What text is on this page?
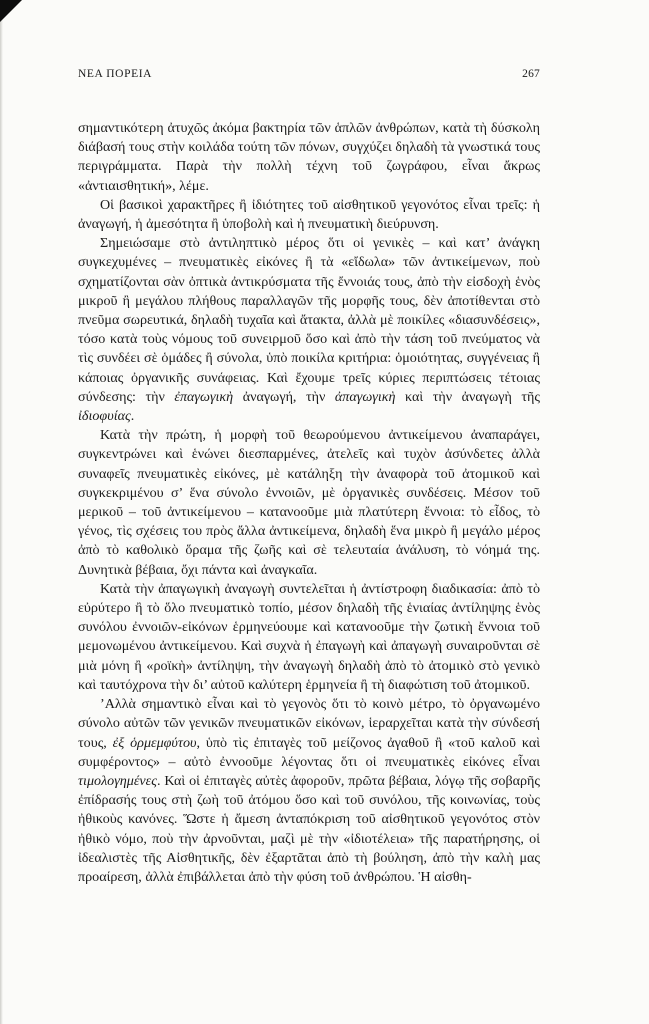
ΝΕΑ ΠΟΡΕΙΑ	267

σημαντικότερη ἀτυχῶς ἀκόμα βακτηρία τῶν ἁπλῶν ἀνθρώπων, κατὰ τὴ δύσκολη διάβασή τους στὴν κοιλάδα τούτη τῶν πόνων, συγχύζει δηλαδὴ τὰ γνωστικά τους περιγράμματα. Παρὰ τὴν πολλὴ τέχνη τοῦ ζωγράφου, εἶναι ἄκρως «ἀντιαισθητική», λέμε.

Οἱ βασικοὶ χαρακτῆρες ἢ ἰδιότητες τοῦ αἰσθητικοῦ γεγονότος εἶναι τρεῖς: ἡ ἀναγωγή, ἡ ἀμεσότητα ἢ ὑποβολὴ καὶ ἡ πνευματικὴ διεύρυνση.

Σημειώσαμε στὸ ἀντιληπτικὸ μέρος ὅτι οἱ γενικὲς – καὶ κατ’ ἀνάγκη συγκεχυμένες – πνευματικὲς εἰκόνες ἢ τὰ «εἴδωλα» τῶν ἀντικείμενων, ποὺ σχηματίζονται σὰν ὀπτικὰ ἀντικρύσματα τῆς ἔννοιάς τους, ἀπὸ τὴν εἰσδοχὴ ἑνὸς μικροῦ ἢ μεγάλου πλήθους παραλλαγῶν τῆς μορφῆς τους, δὲν ἀποτίθενται στὸ πνεῦμα σωρευτικά, δηλαδὴ τυχαῖα καὶ ἄτακτα, ἀλλὰ μὲ ποικίλες «διασυνδέσεις», τόσο κατὰ τοὺς νόμους τοῦ συνειρμοῦ ὅσο καὶ ἀπὸ τὴν τάση τοῦ πνεύματος νὰ τὶς συνδέει σὲ ὁμάδες ἢ σύνολα, ὑπὸ ποικίλα κριτήρια: ὁμοιότητας, συγγένειας ἢ κάποιας ὀργανικῆς συνάφειας. Καὶ ἔχουμε τρεῖς κύριες περιπτώσεις τέτοιας σύνδεσης: τὴν ἐπαγωγικὴ ἀναγωγή, τὴν ἀπαγωγικὴ καὶ τὴν ἀναγωγὴ τῆς ἰδιοφυίας.

Κατὰ τὴν πρώτη, ἡ μορφὴ τοῦ θεωρούμενου ἀντικείμενου ἀναπαράγει, συγκεντρώνει καὶ ἑνώνει διεσπαρμένες, ἀτελεῖς καὶ τυχὸν ἀσύνδετες ἀλλὰ συναφεῖς πνευματικὲς εἰκόνες, μὲ κατάληξη τὴν ἀναφορὰ τοῦ ἀτομικοῦ καὶ συγκεκριμένου σ’ ἕνα σύνολο ἐννοιῶν, μὲ ὀργανικὲς συνδέσεις. Μέσον τοῦ μερικοῦ – τοῦ ἀντικείμενου – κατανοοῦμε μιὰ πλατύτερη ἔννοια: τὸ εἶδος, τὸ γένος, τὶς σχέσεις του πρὸς ἄλλα ἀντικείμενα, δηλαδὴ ἕνα μικρὸ ἢ μεγάλο μέρος ἀπὸ τὸ καθολικὸ ὅραμα τῆς ζωῆς καὶ σὲ τελευταία ἀνάλυση, τὸ νόημά της. Δυνητικὰ βέβαια, ὄχι πάντα καὶ ἀναγκαῖα.

Κατὰ τὴν ἀπαγωγικὴ ἀναγωγὴ συντελεῖται ἡ ἀντίστροφη διαδικασία: ἀπὸ τὸ εὐρύτερο ἢ τὸ ὅλο πνευματικὸ τοπίο, μέσον δηλαδὴ τῆς ἑνιαίας ἀντίληψης ἑνὸς συνόλου ἐννοιῶν-εἰκόνων ἑρμηνεύουμε καὶ κατανοοῦμε τὴν ζωτικὴ ἔννοια τοῦ μεμονωμένου ἀντικείμενου. Καὶ συχνὰ ἡ ἐπαγωγὴ καὶ ἀπαγωγὴ συναιροῦνται σὲ μιὰ μόνη ἢ «ροϊκὴ» ἀντίληψη, τὴν ἀναγωγὴ δηλαδὴ ἀπὸ τὸ ἀτομικὸ στὸ γενικὸ καὶ ταυτόχρονα τὴν δι’ αὐτοῦ καλύτερη ἑρμηνεία ἢ τὴ διαφώτιση τοῦ ἀτομικοῦ.

’Αλλὰ σημαντικὸ εἶναι καὶ τὸ γεγονὸς ὅτι τὸ κοινὸ μέτρο, τὸ ὀργανωμένο σύνολο αὐτῶν τῶν γενικῶν πνευματικῶν εἰκόνων, ἱεραρχεῖται κατὰ τὴν σύνδεσή τους, ἐξ ὁρμεμφύτου, ὑπὸ τὶς ἐπιταγὲς τοῦ μείζονος ἀγαθοῦ ἢ «τοῦ καλοῦ καὶ συμφέροντος» – αὐτὸ ἐννοοῦμε λέγοντας ὅτι οἱ πνευματικὲς εἰκόνες εἶναι τιμολογημένες. Καὶ οἱ ἐπιταγὲς αὐτὲς ἀφοροῦν, πρῶτα βέβαια, λόγῳ τῆς σοβαρῆς ἐπίδρασής τους στὴ ζωὴ τοῦ ἀτόμου ὅσο καὶ τοῦ συνόλου, τῆς κοινωνίας, τοὺς ἠθικοὺς κανόνες. Ὥστε ἡ ἄμεση ἀνταπόκριση τοῦ αἰσθητικοῦ γεγονότος στὸν ἠθικὸ νόμο, ποὺ τὴν ἀρνοῦνται, μαζὶ μὲ τὴν «ἰδιοτέλεια» τῆς παρατήρησης, οἱ ἰδεαλιστὲς τῆς Αἰσθητικῆς, δὲν ἐξαρτᾶται ἀπὸ τὴ βούληση, ἀπὸ τὴν καλὴ μας προαίρεση, ἀλλὰ ἐπιβάλλεται ἀπὸ τὴν φύση τοῦ ἀνθρώπου. Ἡ αἰσθη-
